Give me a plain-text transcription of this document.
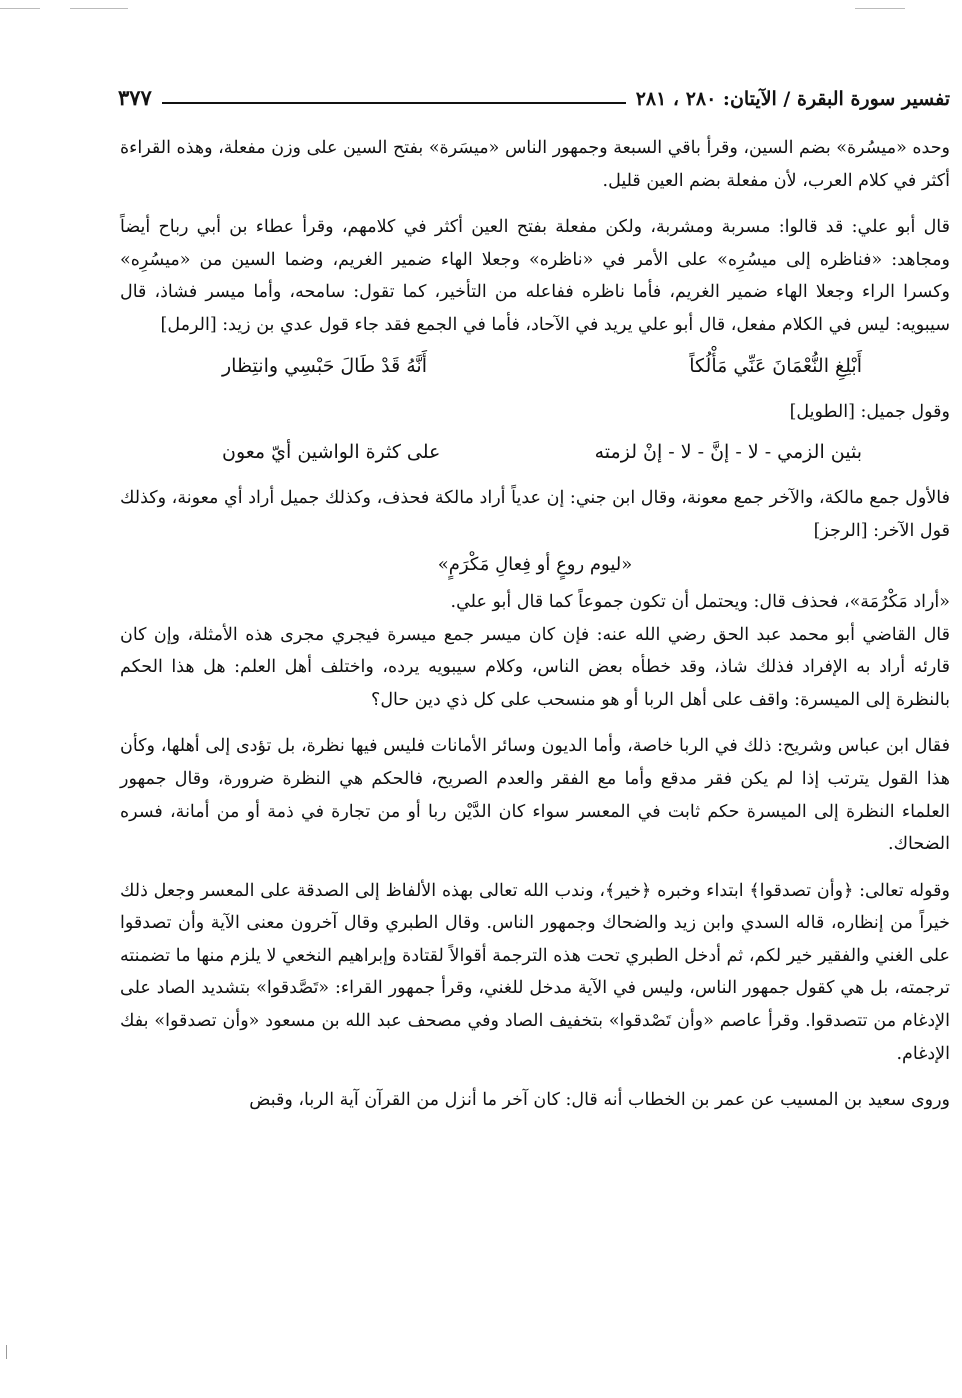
تفسير سورة البقرة / الآيتان: ٢٨٠ ، ٢٨١
٣٧٧

وحده «ميسُرة» بضم السين، وقرأ باقي السبعة وجمهور الناس «ميسَرة» بفتح السين على وزن مفعلة، وهذه القراءة أكثر في كلام العرب، لأن مفعلة بضم العين قليل.

قال أبو علي: قد قالوا: مسربة ومشربة، ولكن مفعلة بفتح العين أكثر في كلامهم، وقرأ عطاء بن أبي رباح أيضاً ومجاهد: «فناظره إلى ميسُرِه» على الأمر في «ناظره» وجعلا الهاء ضمير الغريم، وضما السين من «ميسُرِه» وكسرا الراء وجعلا الهاء ضمير الغريم، فأما ناظره ففاعله من التأخير، كما تقول: سامحه، وأما ميسر فشاذ، قال سيبويه: ليس في الكلام مفعل، قال أبو علي يريد في الآحاد، فأما في الجمع فقد جاء قول عدي بن زيد: [الرمل]

أَبْلِغِ النُّعْمَانَ عَنِّي مَأْلُكاً
أَنَّهُ قَدْ طَالَ حَبْسِي وانتِظار

وقول جميل: [الطويل]

بثين الزمي - لا - إنَّ - لا - إنْ لزمته
على كثرة الواشين أيّ معون

فالأول جمع مالكة، والآخر جمع معونة، وقال ابن جني: إن عدياً أراد مالكة فحذف، وكذلك جميل أراد أي معونة، وكذلك قول الآخر: [الرجز]

«ليوم روعٍ أو فِعالِ مَكْرَمٍ»

«أراد مَكْرُمَة»، فحذف قال: ويحتمل أن تكون جموعاً كما قال أبو علي.

قال القاضي أبو محمد عبد الحق رضي الله عنه: فإن كان ميسر جمع ميسرة فيجري مجرى هذه الأمثلة، وإن كان قارئه أراد به الإفراد فذلك شاذ، وقد خطأه بعض الناس، وكلام سيبويه يرده، واختلف أهل العلم: هل هذا الحكم بالنظرة إلى الميسرة: واقف على أهل الربا أو هو منسحب على كل ذي دين حال؟

فقال ابن عباس وشريح: ذلك في الربا خاصة، وأما الديون وسائر الأمانات فليس فيها نظرة، بل تؤدى إلى أهلها، وكأن هذا القول يترتب إذا لم يكن فقر مدقع وأما مع الفقر والعدم الصريح، فالحكم هي النظرة ضرورة، وقال جمهور العلماء النظرة إلى الميسرة حكم ثابت في المعسر سواء كان الدَّيْن ربا أو من تجارة في ذمة أو من أمانة، فسره الضحاك.

وقوله تعالى: ﴿وأن تصدقوا﴾ ابتداء وخبره ﴿خير﴾، وندب الله تعالى بهذه الألفاظ إلى الصدقة على المعسر وجعل ذلك خيراً من إنظاره، قاله السدي وابن زيد والضحاك وجمهور الناس. وقال الطبري وقال آخرون معنى الآية وأن تصدقوا على الغني والفقير خير لكم، ثم أدخل الطبري تحت هذه الترجمة أقوالاً لقتادة وإبراهيم النخعي لا يلزم منها ما تضمنته ترجمته، بل هي كقول جمهور الناس، وليس في الآية مدخل للغني، وقرأ جمهور القراء: «تَصَّدقوا» بتشديد الصاد على الإدغام من تتصدقوا. وقرأ عاصم «وأن تَصْدقوا» بتخفيف الصاد وفي مصحف عبد الله بن مسعود «وأن تصدقوا» بفك الإدغام.

وروى سعيد بن المسيب عن عمر بن الخطاب أنه قال: كان آخر ما أنزل من القرآن آية الربا، وقبض
